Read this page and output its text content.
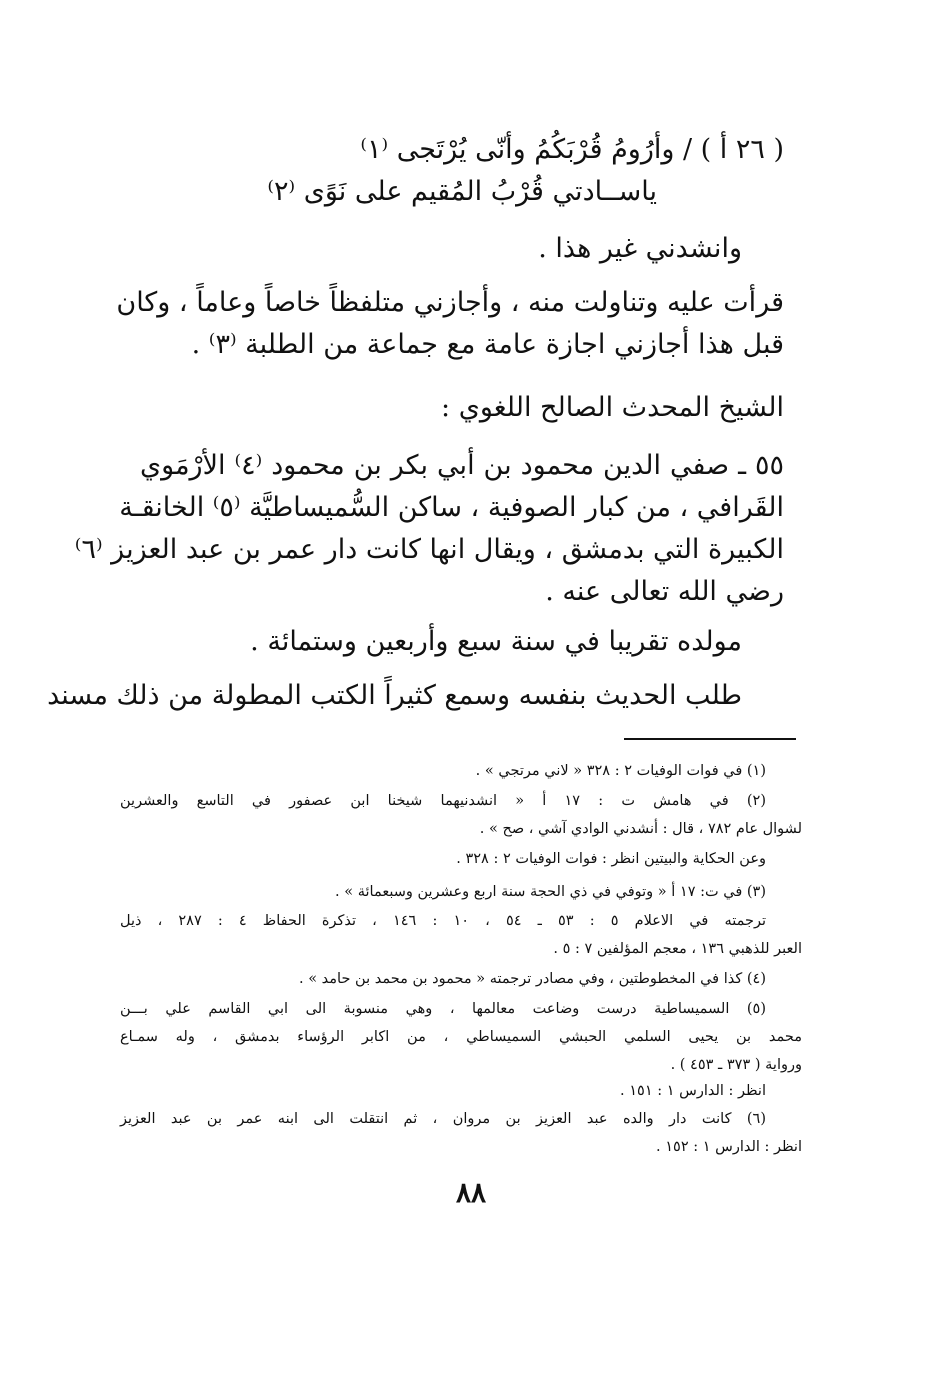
( ٢٦ أ ) / وأرُومُ قُرْبَكُمُ وأنّى يُرْتَجى ⁽١⁾
ياســادتي قُرْبُ المُقيم على نَوًى ⁽٢⁾
وانشدني غير هذا .
قرأت عليه وتناولت منه ، وأجازني متلفظاً خاصاً وعاماً ، وكان
قبل هذا أجازني اجازة عامة مع جماعة من الطلبة ⁽٣⁾ .
الشيخ المحدث الصالح اللغوي :
٥٥ ـ صفي الدين محمود بن أبي بكر بن محمود ⁽٤⁾ الأرْمَوي
القَرافي ، من كبار الصوفية ، ساكن السُّميساطيَّة ⁽٥⁾ الخانقـة
الكبيرة التي بدمشق ، ويقال انها كانت دار عمر بن عبد العزيز ⁽٦⁾
رضي الله تعالى عنه .
مولده تقريبا في سنة سبع وأربعين وستمائة .
طلب الحديث بنفسه وسمع كثيراً الكتب المطولة من ذلك مسند
(١) في فوات الوفيات ٢ : ٣٢٨ « لاني مرتجي » .
(٢) في هامش ت : ١٧ أ « انشدنيهما شيخنا ابن عصفور في التاسع والعشرين
لشوال عام ٧٨٢ ، قال : أنشدني الوادي آشي ، صح » .
وعن الحكاية والبيتين انظر : فوات الوفيات ٢ : ٣٢٨ .
(٣) في ت: ١٧ أ « وتوفي في ذي الحجة سنة اربع وعشرين وسبعمائة » .
ترجمته في الاعلام ٥ : ٥٣ ـ ٥٤ ، ١٠ : ١٤٦ ، تذكرة الحفاظ ٤ : ٢٨٧ ، ذيل
العبر للذهبي ١٣٦ ، معجم المؤلفين ٧ : ٥ .
(٤) كذا في المخطوطتين ، وفي مصادر ترجمته « محمود بن محمد بن حامد » .
(٥) السميساطية درست وضاعت معالمها ، وهي منسوبة الى ابي القاسم علي بـــن
محمد بن يحيى السلمي الحبشي السميساطي ، من اكابر الرؤساء بدمشق ، وله سمـاع
ورواية ( ٣٧٣ ـ ٤٥٣ ) .
انظر : الدارس ١ : ١٥١ .
(٦) كانت دار والده عبد العزيز بن مروان ، ثم انتقلت الى ابنه عمر بن عبد العزيز
انظر : الدارس ١ : ١٥٢ .
٨٨
